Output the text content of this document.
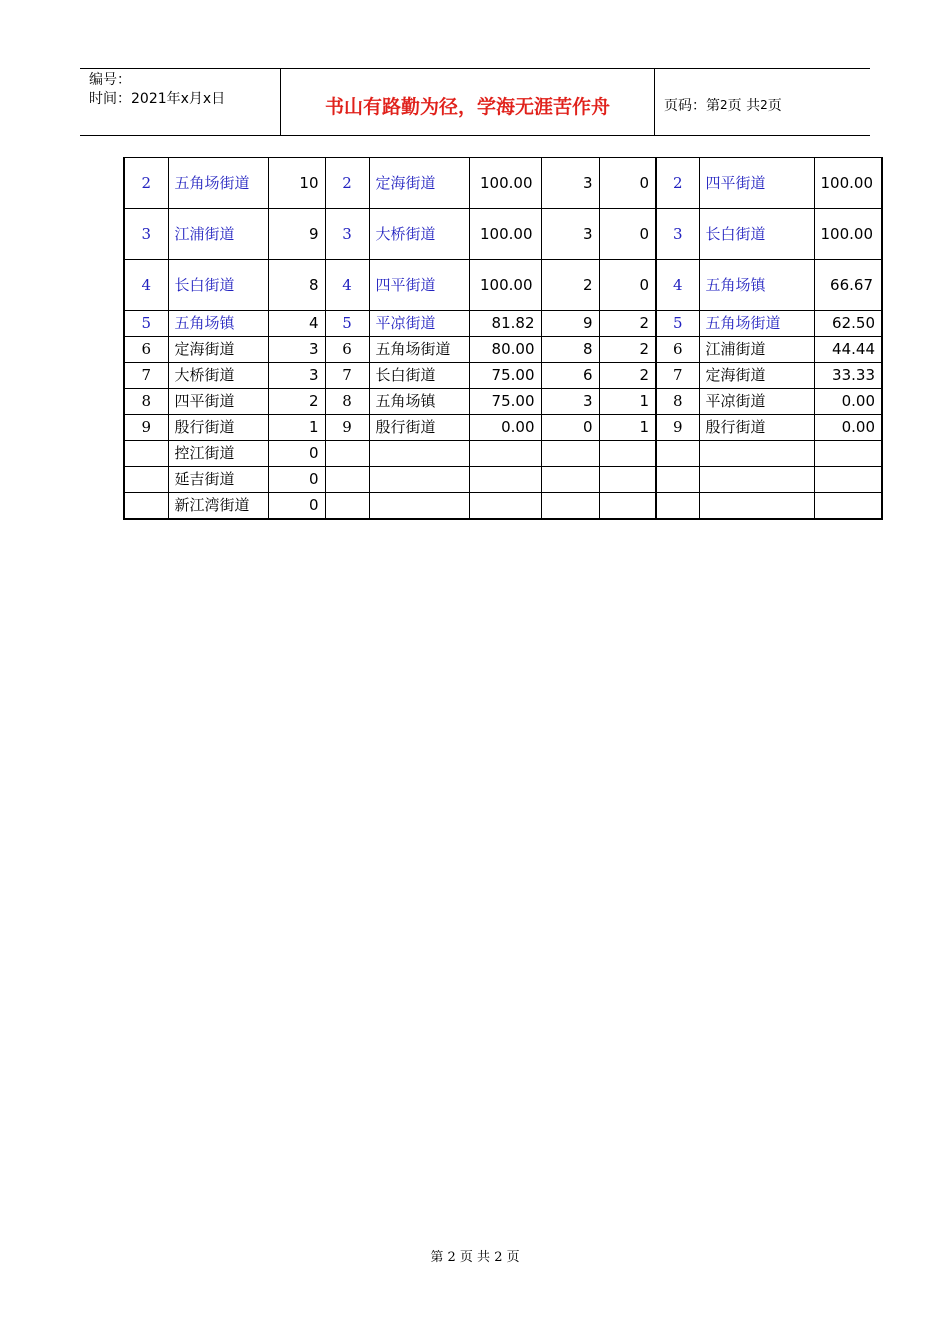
编号：
时间：2021年x月x日	书山有路勤为径，学海无涯苦作舟	页码：第 2 页 共 2 页
2	五角场街道	10	2	定海街道	100.00	3	0	2	四平街道	100.00
3	江浦街道	9	3	大桥街道	100.00	3	0	3	长白街道	100.00
4	长白街道	8	4	四平街道	100.00	2	0	4	五角场镇	66.67
5	五角场镇	4	5	平凉街道	81.82	9	2	5	五角场街道	62.50
6	定海街道	3	6	五角场街道	80.00	8	2	6	江浦街道	44.44
7	大桥街道	3	7	长白街道	75.00	6	2	7	定海街道	33.33
8	四平街道	2	8	五角场镇	75.00	3	1	8	平凉街道	0.00
9	殷行街道	1	9	殷行街道	0.00	0	1	9	殷行街道	0.00
	控江街道	0								
	延吉街道	0								
	新江湾街道	0								
第 2 页 共 2 页
